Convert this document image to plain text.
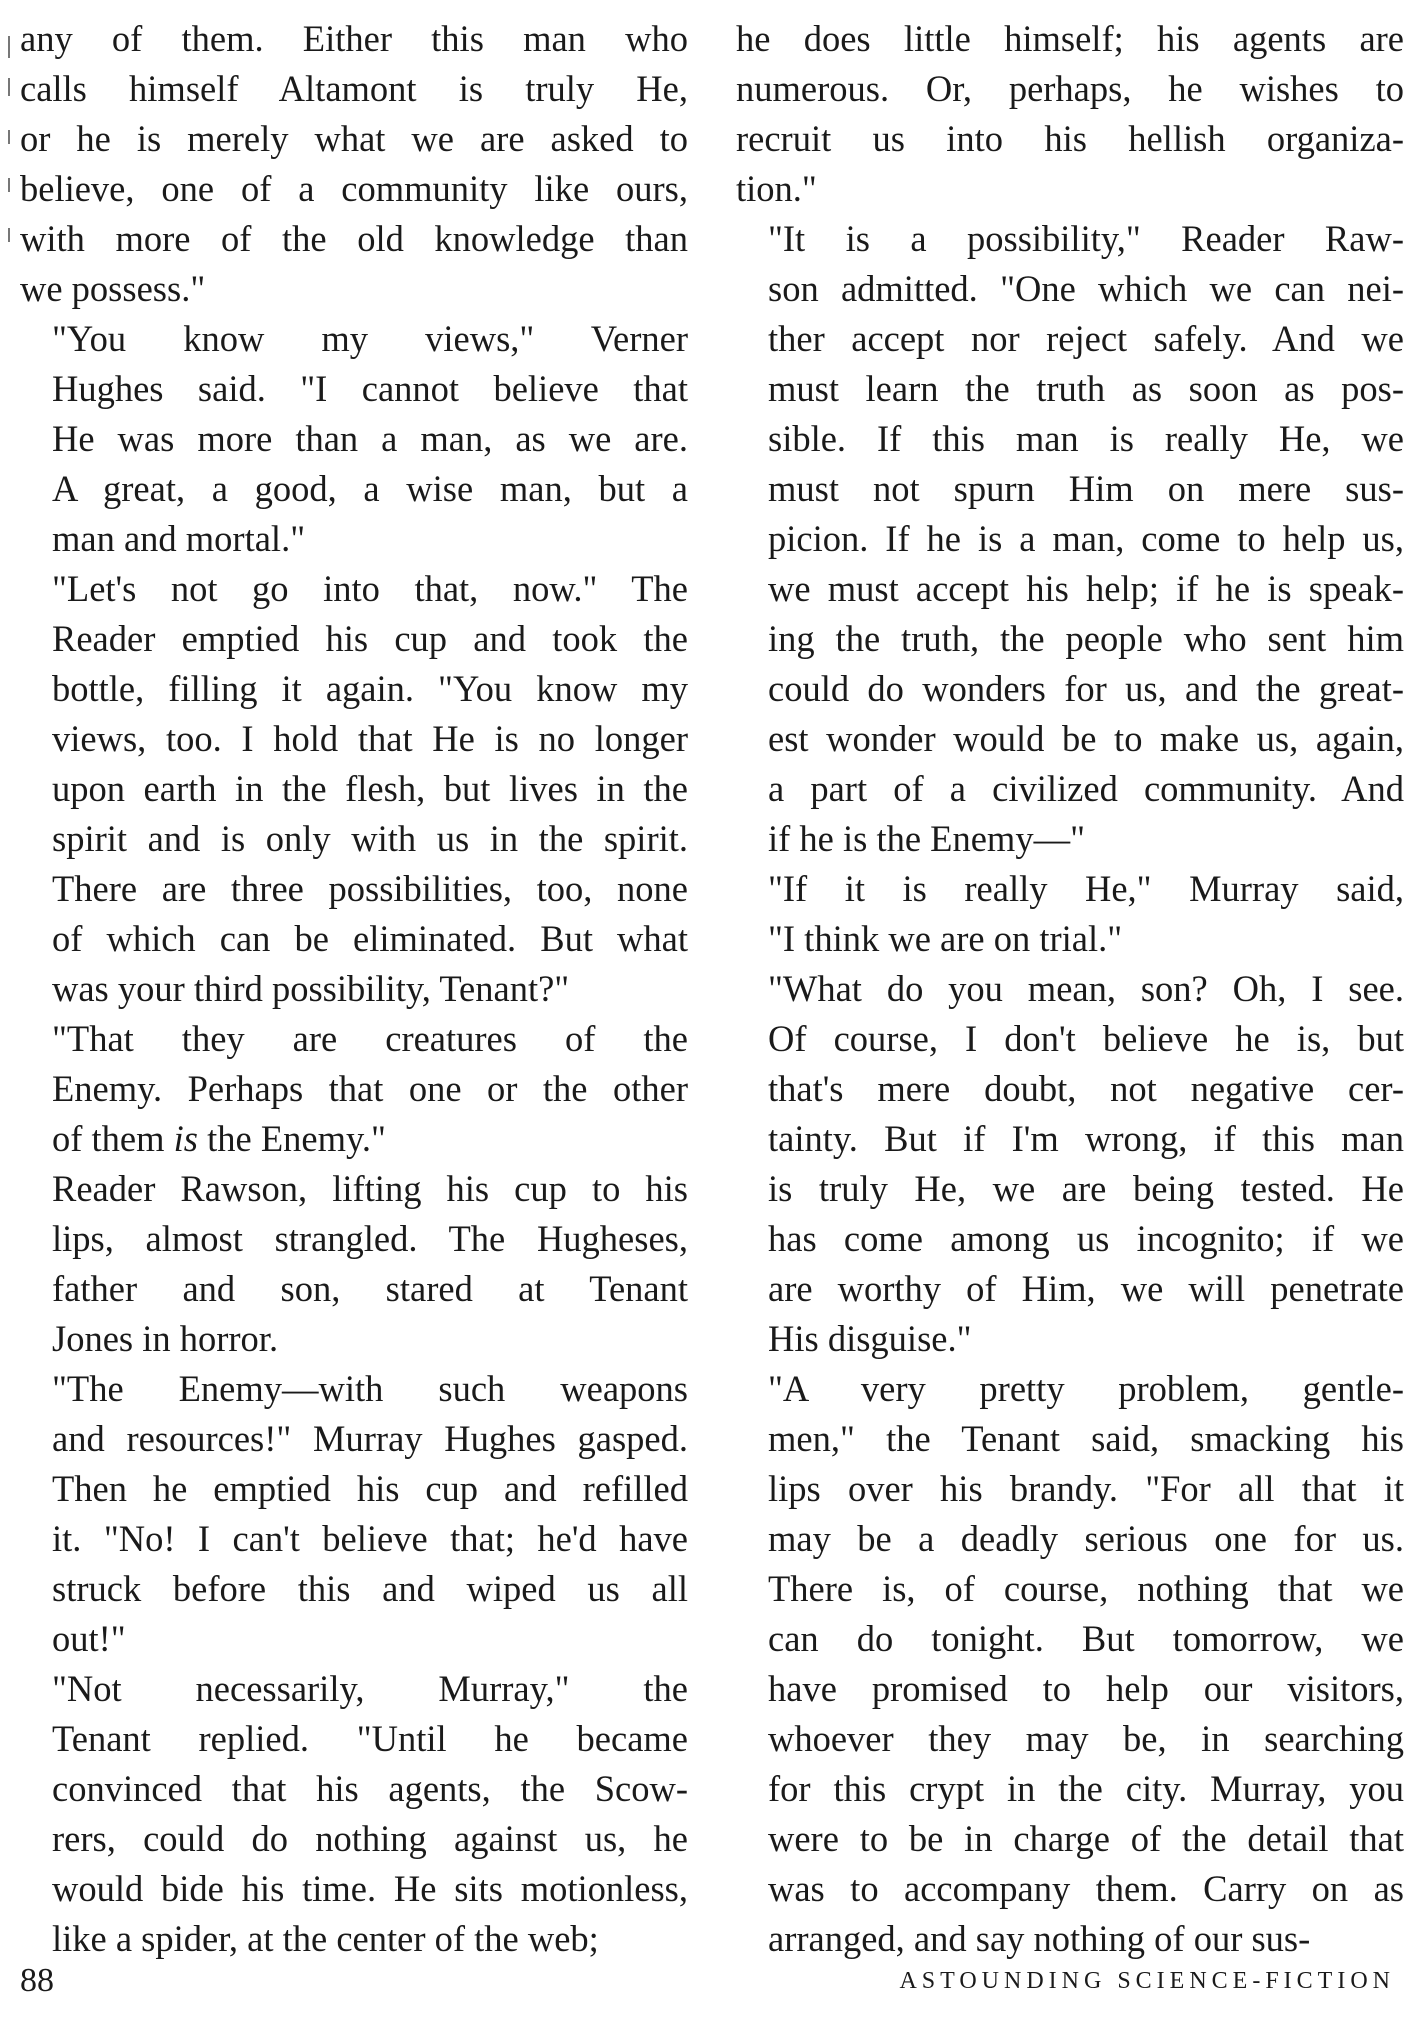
any of them. Either this man who
calls himself Altamont is truly He,
or he is merely what we are asked to
believe, one of a community like ours,
with more of the old knowledge than
we possess."

"You know my views," Verner
Hughes said. "I cannot believe that
He was more than a man, as we are.
A great, a good, a wise man, but a
man and mortal."

"Let's not go into that, now." The
Reader emptied his cup and took the
bottle, filling it again. "You know my
views, too. I hold that He is no longer
upon earth in the flesh, but lives in the
spirit and is only with us in the spirit.
There are three possibilities, too, none
of which can be eliminated. But what
was your third possibility, Tenant?"

"That they are creatures of the
Enemy. Perhaps that one or the other
of them is the Enemy."

Reader Rawson, lifting his cup to his
lips, almost strangled. The Hugheses,
father and son, stared at Tenant
Jones in horror.

"The Enemy—with such weapons
and resources!" Murray Hughes gasped.
Then he emptied his cup and refilled
it. "No! I can't believe that; he'd have
struck before this and wiped us all
out!"

"Not necessarily, Murray," the
Tenant replied. "Until he became
convinced that his agents, the Scow-
rers, could do nothing against us, he
would bide his time. He sits motionless,
like a spider, at the center of the web;

he does little himself; his agents are
numerous. Or, perhaps, he wishes to
recruit us into his hellish organiza-
tion."

"It is a possibility," Reader Raw-
son admitted. "One which we can nei-
ther accept nor reject safely. And we
must learn the truth as soon as pos-
sible. If this man is really He, we
must not spurn Him on mere sus-
picion. If he is a man, come to help us,
we must accept his help; if he is speak-
ing the truth, the people who sent him
could do wonders for us, and the great-
est wonder would be to make us, again,
a part of a civilized community. And
if he is the Enemy—"

"If it is really He," Murray said,
"I think we are on trial."

"What do you mean, son? Oh, I see.
Of course, I don't believe he is, but
that's mere doubt, not negative cer-
tainty. But if I'm wrong, if this man
is truly He, we are being tested. He
has come among us incognito; if we
are worthy of Him, we will penetrate
His disguise."

"A very pretty problem, gentle-
men," the Tenant said, smacking his
lips over his brandy. "For all that it
may be a deadly serious one for us.
There is, of course, nothing that we
can do tonight. But tomorrow, we
have promised to help our visitors,
whoever they may be, in searching
for this crypt in the city. Murray, you
were to be in charge of the detail that
was to accompany them. Carry on as
arranged, and say nothing of our sus-

88	ASTOUNDING SCIENCE-FICTION
